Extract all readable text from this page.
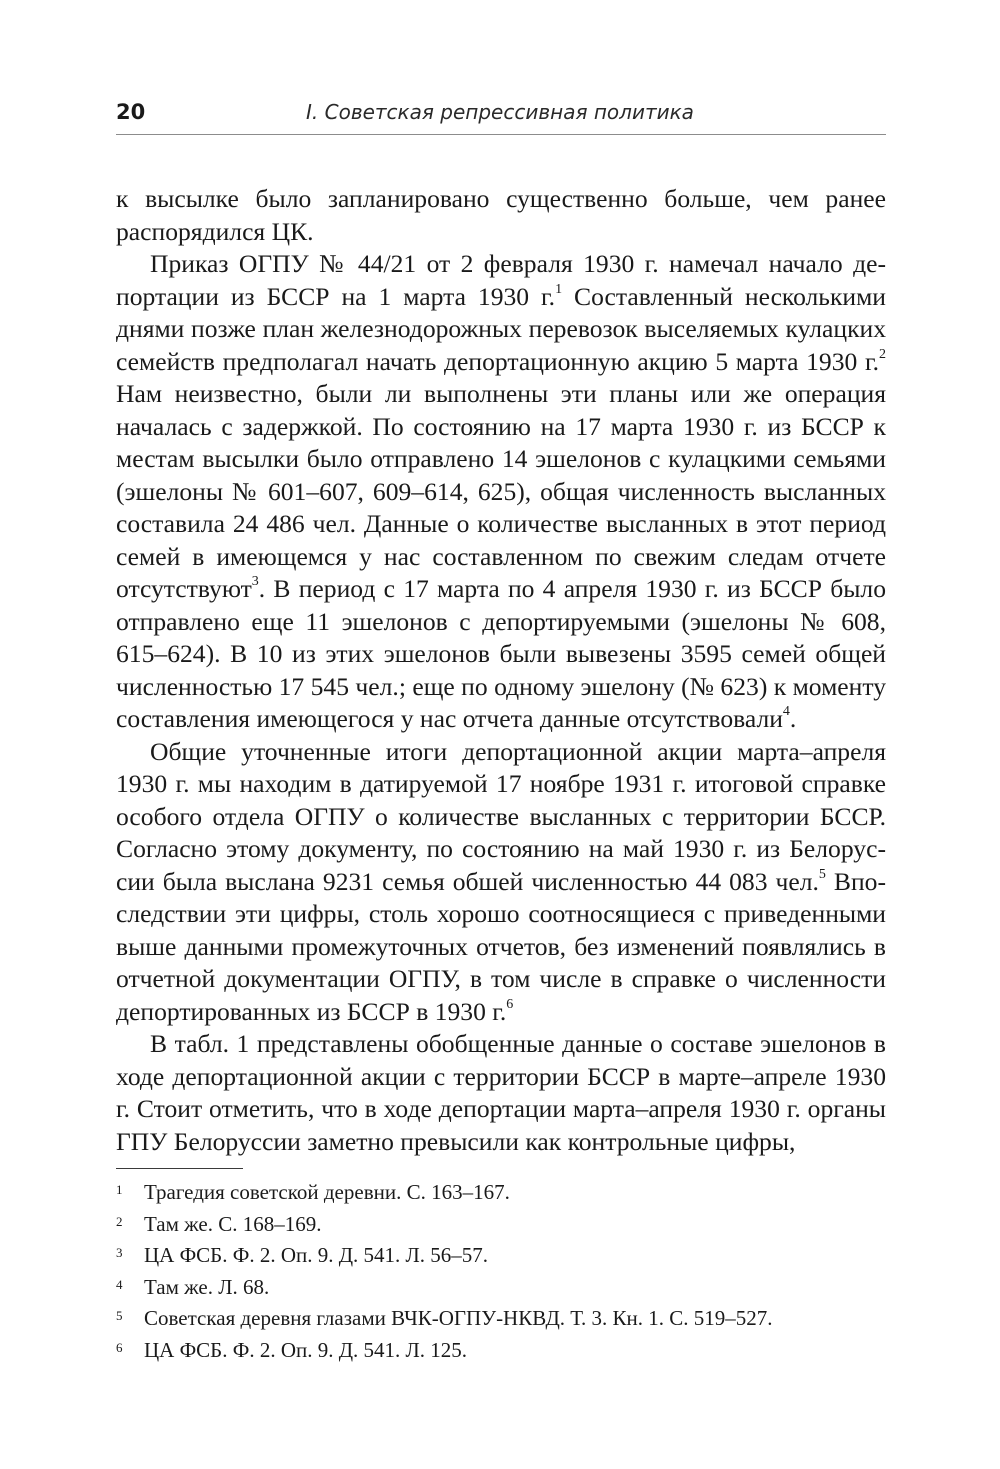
20	I. Советская репрессивная политика

к высылке было запланировано существенно больше, чем ранее распорядился ЦК.

Приказ ОГПУ № 44/21 от 2 февраля 1930 г. намечал начало депортации из БССР на 1 марта 1930 г.$^1$ Составленный несколькими днями позже план железнодорожных перевозок выселяемых кулацких семейств предполагал начать депортационную акцию 5 марта 1930 г.$^2$ Нам неизвестно, были ли выполнены эти планы или же операция началась с задержкой. По состоянию на 17 марта 1930 г. из БССР к местам высылки было отправлено 14 эшелонов с кулацкими семьями (эшелоны № 601–607, 609–614, 625), общая численность высланных составила 24 486 чел. Данные о количестве высланных в этот период семей в имеющемся у нас составленном по свежим следам отчете отсутствуют$^3$. В период с 17 марта по 4 апреля 1930 г. из БССР было отправлено еще 11 эшелонов с депортируемыми (эшелоны № 608, 615–624). В 10 из этих эшелонов были вывезены 3595 семей общей численностью 17 545 чел.; еще по одному эшелону (№ 623) к моменту составления имеющегося у нас отчета данные отсутствовали$^4$.

Общие уточненные итоги депортационной акции марта–апреля 1930 г. мы находим в датируемой 17 ноябре 1931 г. итоговой справке особого отдела ОГПУ о количестве высланных с территории БССР. Согласно этому документу, по состоянию на май 1930 г. из Белоруссии была выслана 9231 семья обшей численностью 44 083 чел.$^5$ Впоследствии эти цифры, столь хорошо соотносящиеся с приведенными выше данными промежуточных отчетов, без изменений появлялись в отчетной документации ОГПУ, в том числе в справке о численности депортированных из БССР в 1930 г.$^6$

В табл. 1 представлены обобщенные данные о составе эшелонов в ходе депортационной акции с территории БССР в марте–апреле 1930 г. Стоит отметить, что в ходе депортации марта–апреля 1930 г. органы ГПУ Белоруссии заметно превысили как контрольные цифры,

1	Трагедия советской деревни. С. 163–167.
2	Там же. С. 168–169.
3	ЦА ФСБ. Ф. 2. Оп. 9. Д. 541. Л. 56–57.
4	Там же. Л. 68.
5	Советская деревня глазами ВЧК-ОГПУ-НКВД. Т. 3. Кн. 1. С. 519–527.
6	ЦА ФСБ. Ф. 2. Оп. 9. Д. 541. Л. 125.
